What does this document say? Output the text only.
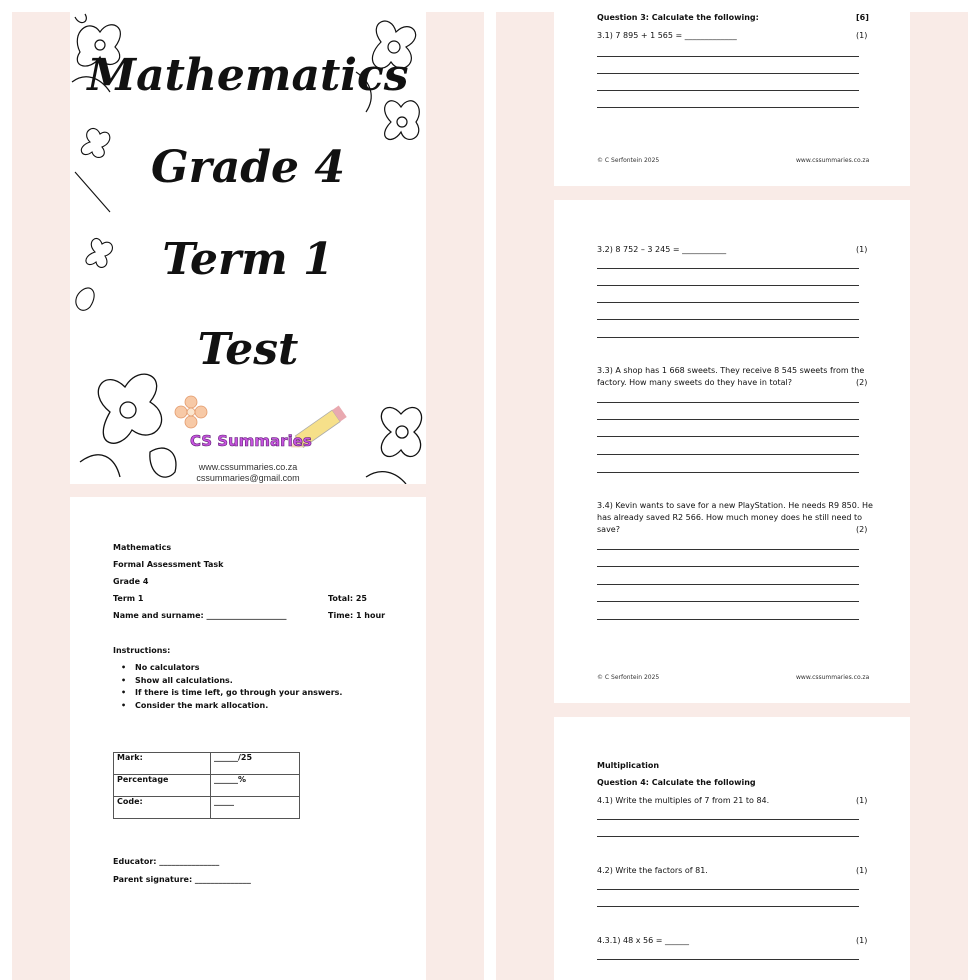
Mathematics
Grade 4
Term 1
Test
CS Summaries
www.cssummaries.co.za
cssummaries@gmail.com
Mathematics
Formal Assessment Task
Grade 4
Term 1	Total: 25
Name and surname: ____________________	Time: 1 hour
Instructions:
• No calculators
• Show all calculations.
• If there is time left, go through your answers.
• Consider the mark allocation.
Mark:	______/25
Percentage	______%
Code:	_____
Educator: _______________
Parent signature: ______________
Question 3: Calculate the following:	[6]
3.1) 7 895 + 1 565 = _____________	(1)
© C Serfontein 2025	www.cssummaries.co.za
3.2) 8 752 – 3 245 = ___________	(1)
3.3) A shop has 1 668 sweets. They receive 8 545 sweets from the
factory. How many sweets do they have in total?	(2)
3.4) Kevin wants to save for a new PlayStation. He needs R9 850. He
has already saved R2 566. How much money does he still need to
save?	(2)
© C Serfontein 2025	www.cssummaries.co.za
Multiplication
Question 4: Calculate the following
4.1) Write the multiples of 7 from 21 to 84.	(1)
4.2) Write the factors of 81.	(1)
4.3.1) 48 x 56 = ______	(1)
